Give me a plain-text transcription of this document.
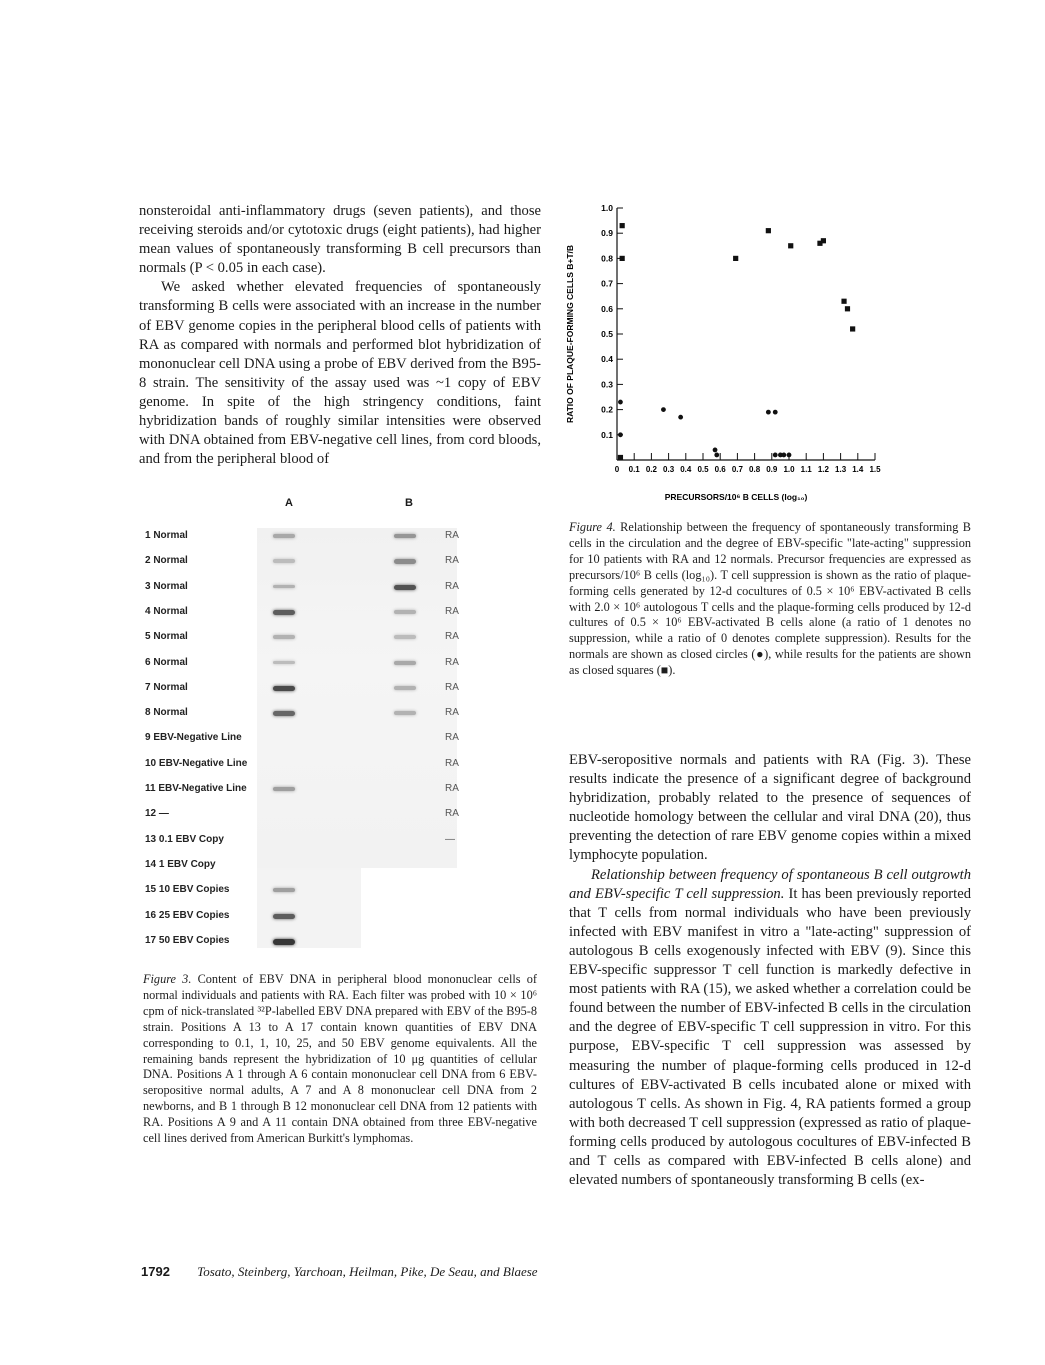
nonsteroidal anti-inflammatory drugs (seven patients), and those receiving steroids and/or cytotoxic drugs (eight patients), had higher mean values of spontaneously transforming B cell precursors than normals (P < 0.05 in each case).

We asked whether elevated frequencies of spontaneously transforming B cells were associated with an increase in the number of EBV genome copies in the peripheral blood cells of patients with RA as compared with normals and performed blot hybridization of mononuclear cell DNA using a probe of EBV derived from the B95-8 strain. The sensitivity of the assay used was ~1 copy of EBV genome. In spite of the high stringency conditions, faint hybridization bands of roughly similar intensities were observed with DNA obtained from EBV-negative cell lines, from cord bloods, and from the peripheral blood of

0.1
0.2
0.3
0.4
0.5
0.6
0.7
0.8
0.9
1.0
0 0.1 0.2 0.3 0.4 0.5 0.6 0.7 0.8 0.9 1.0 1.1 1.2 1.3 1.4 1.5
PRECURSORS/10⁶ B CELLS (log₁₀)
RATIO OF PLAQUE-FORMING CELLS B+T/B
Figure 4. Relationship between the frequency of spontaneously transforming B cells in the circulation and the degree of EBV-specific "late-acting" suppression for 10 patients with RA and 12 normals. Precursor frequencies are expressed as precursors/10⁶ B cells (log₁₀). T cell suppression is shown as the ratio of plaque-forming cells generated by 12-d cocultures of 0.5 × 10⁶ EBV-activated B cells with 2.0 × 10⁶ autologous T cells and the plaque-forming cells produced by 12-d cultures of 0.5 × 10⁶ EBV-activated B cells alone (a ratio of 1 denotes no suppression, while a ratio of 0 denotes complete suppression). Results for the normals are shown as closed circles (●), while results for the patients are shown as closed squares (■).
A	B
1 Normal	RA
2 Normal	RA
3 Normal	RA
4 Normal	RA
5 Normal	RA
6 Normal	RA
7 Normal	RA
8 Normal	RA
9 EBV-Negative Line	RA
10 EBV-Negative Line	RA
11 EBV-Negative Line	RA
12 —	RA
13 0.1 EBV Copy	—
14 1 EBV Copy
15 10 EBV Copies
16 25 EBV Copies
17 50 EBV Copies
Figure 3. Content of EBV DNA in peripheral blood mononuclear cells of normal individuals and patients with RA. Each filter was probed with 10 × 10⁶ cpm of nick-translated ³²P-labelled EBV DNA prepared with EBV of the B95-8 strain. Positions A 13 to A 17 contain known quantities of EBV DNA corresponding to 0.1, 1, 10, 25, and 50 EBV genome equivalents. All the remaining bands represent the hybridization of 10 μg quantities of cellular DNA. Positions A 1 through A 6 contain mononuclear cell DNA from 6 EBV-seropositive normal adults, A 7 and A 8 mononuclear cell DNA from 2 newborns, and B 1 through B 12 mononuclear cell DNA from 12 patients with RA. Positions A 9 and A 11 contain DNA obtained from three EBV-negative cell lines derived from American Burkitt's lymphomas.

EBV-seropositive normals and patients with RA (Fig. 3). These results indicate the presence of a significant degree of background hybridization, probably related to the presence of sequences of nucleotide homology between the cellular and viral DNA (20), thus preventing the detection of rare EBV genome copies within a mixed lymphocyte population.

Relationship between frequency of spontaneous B cell outgrowth and EBV-specific T cell suppression. It has been previously reported that T cells from normal individuals who have been previously infected with EBV manifest in vitro a "late-acting" suppression of autologous B cells exogenously infected with EBV (9). Since this EBV-specific suppressor T cell function is markedly defective in most patients with RA (15), we asked whether a correlation could be found between the number of EBV-infected B cells in the circulation and the degree of EBV-specific T cell suppression in vitro. For this purpose, EBV-specific T cell suppression was assessed by measuring the number of plaque-forming cells produced in 12-d cultures of EBV-activated B cells incubated alone or mixed with autologous T cells. As shown in Fig. 4, RA patients formed a group with both decreased T cell suppression (expressed as ratio of plaque-forming cells produced by autologous cocultures of EBV-infected B and T cells as compared with EBV-infected B cells alone) and elevated numbers of spontaneously transforming B cells (ex-

1792 Tosato, Steinberg, Yarchoan, Heilman, Pike, De Seau, and Blaese
